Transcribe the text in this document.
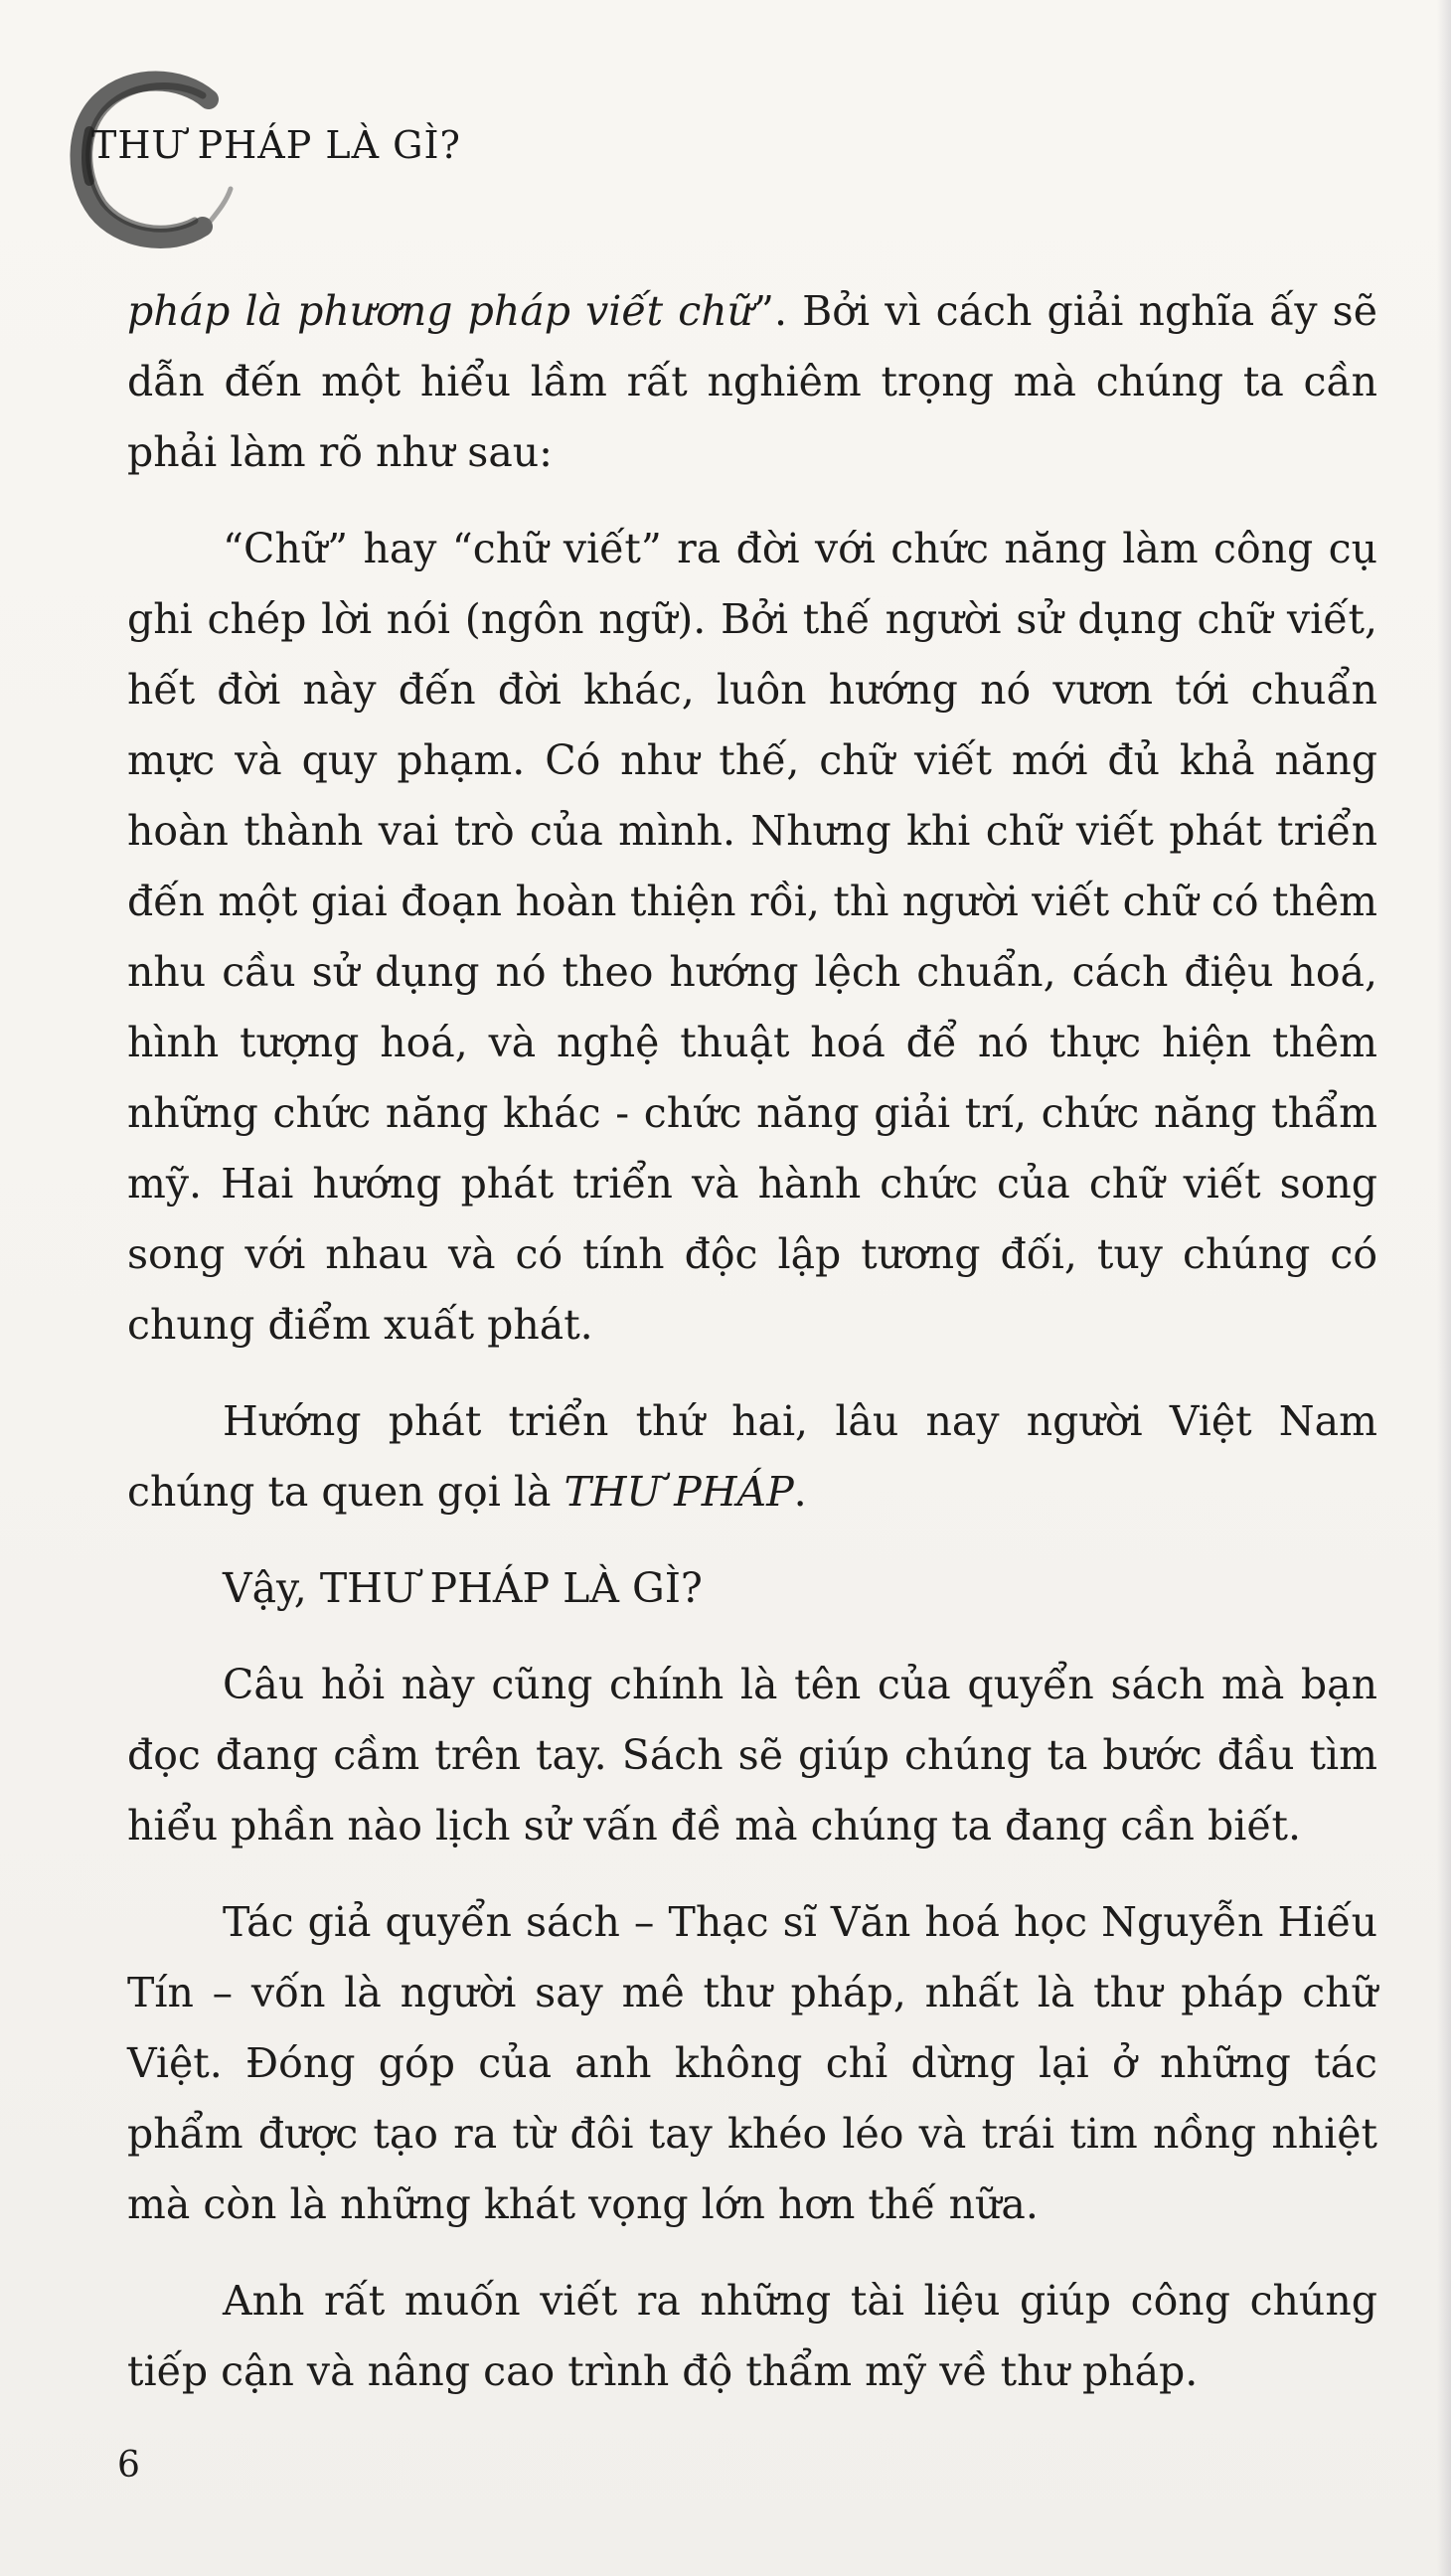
THƯ PHÁP LÀ GÌ?

pháp là phương pháp viết chữ”. Bởi vì cách giải nghĩa ấy sẽ dẫn đến một hiểu lầm rất nghiêm trọng mà chúng ta cần phải làm rõ như sau:

“Chữ” hay “chữ viết” ra đời với chức năng làm công cụ ghi chép lời nói (ngôn ngữ). Bởi thế người sử dụng chữ viết, hết đời này đến đời khác, luôn hướng nó vươn tới chuẩn mực và quy phạm. Có như thế, chữ viết mới đủ khả năng hoàn thành vai trò của mình. Nhưng khi chữ viết phát triển đến một giai đoạn hoàn thiện rồi, thì người viết chữ có thêm nhu cầu sử dụng nó theo hướng lệch chuẩn, cách điệu hoá, hình tượng hoá, và nghệ thuật hoá để nó thực hiện thêm những chức năng khác - chức năng giải trí, chức năng thẩm mỹ. Hai hướng phát triển và hành chức của chữ viết song song với nhau và có tính độc lập tương đối, tuy chúng có chung điểm xuất phát.

Hướng phát triển thứ hai, lâu nay người Việt Nam chúng ta quen gọi là THƯ PHÁP.

Vậy, THƯ PHÁP LÀ GÌ?

Câu hỏi này cũng chính là tên của quyển sách mà bạn đọc đang cầm trên tay. Sách sẽ giúp chúng ta bước đầu tìm hiểu phần nào lịch sử vấn đề mà chúng ta đang cần biết.

Tác giả quyển sách – Thạc sĩ Văn hoá học Nguyễn Hiếu Tín – vốn là người say mê thư pháp, nhất là thư pháp chữ Việt. Đóng góp của anh không chỉ dừng lại ở những tác phẩm được tạo ra từ đôi tay khéo léo và trái tim nồng nhiệt mà còn là những khát vọng lớn hơn thế nữa.

Anh rất muốn viết ra những tài liệu giúp công chúng tiếp cận và nâng cao trình độ thẩm mỹ về thư pháp.

6
